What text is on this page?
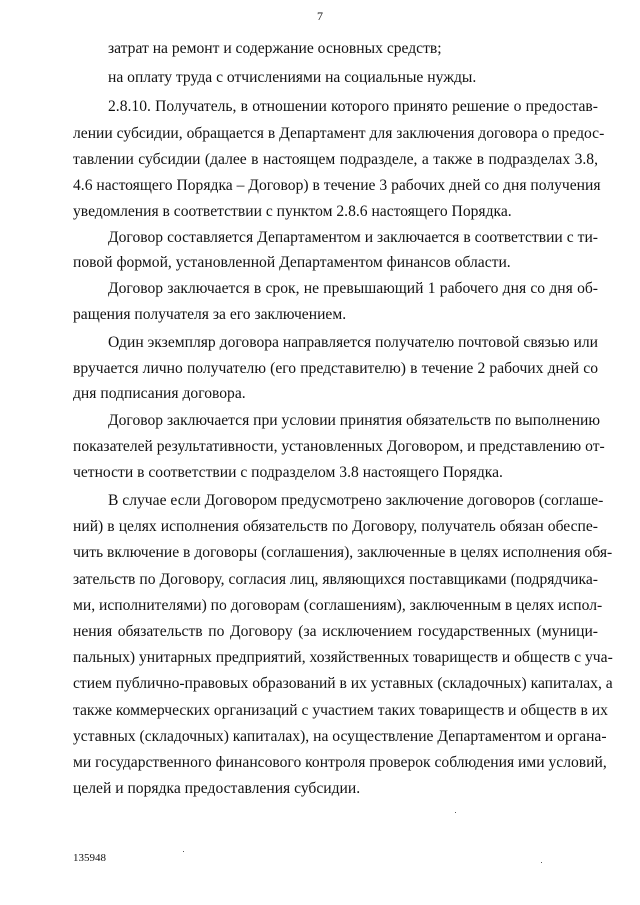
7
затрат на ремонт и содержание основных средств;
на оплату труда с отчислениями на социальные нужды.
2.8.10. Получатель, в отношении которого принято решение о предостав-
лении субсидии, обращается в Департамент для заключения договора о предос-
тавлении субсидии (далее в настоящем подразделе, а также в подразделах 3.8,
4.6 настоящего Порядка – Договор) в течение 3 рабочих дней со дня получения
уведомления в соответствии с пунктом 2.8.6 настоящего Порядка.
Договор составляется Департаментом и заключается в соответствии с ти-
повой формой, установленной Департаментом финансов области.
Договор заключается в срок, не превышающий 1 рабочего дня со дня об-
ращения получателя за его заключением.
Один экземпляр договора направляется получателю почтовой связью или
вручается лично получателю (его представителю) в течение 2 рабочих дней со
дня подписания договора.
Договор заключается при условии принятия обязательств по выполнению
показателей результативности, установленных Договором, и представлению от-
четности в соответствии с подразделом 3.8 настоящего Порядка.
В случае если Договором предусмотрено заключение договоров (соглаше-
ний) в целях исполнения обязательств по Договору, получатель обязан обеспе-
чить включение в договоры (соглашения), заключенные в целях исполнения обя-
зательств по Договору, согласия лиц, являющихся поставщиками (подрядчика-
ми, исполнителями) по договорам (соглашениям), заключенным в целях испол-
нения обязательств по Договору (за исключением государственных (муници-
пальных) унитарных предприятий, хозяйственных товариществ и обществ с уча-
стием публично-правовых образований в их уставных (складочных) капиталах, а
также коммерческих организаций с участием таких товариществ и обществ в их
уставных (складочных) капиталах), на осуществление Департаментом и органа-
ми государственного финансового контроля проверок соблюдения ими условий,
целей и порядка предоставления субсидии.
135948
